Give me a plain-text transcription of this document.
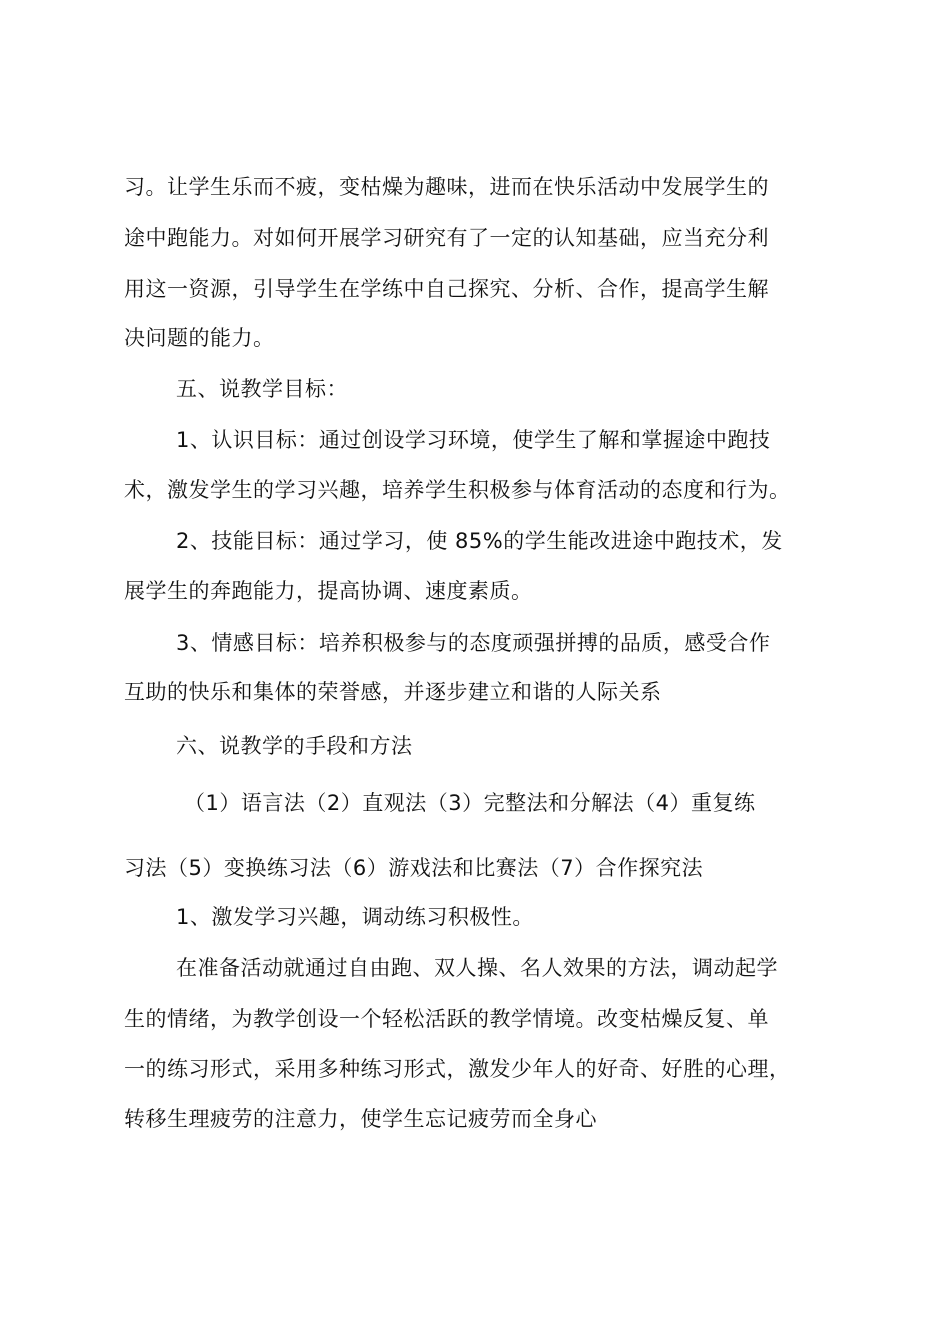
习。让学生乐而不疲，变枯燥为趣味，进而在快乐活动中发展学生的
途中跑能力。对如何开展学习研究有了一定的认知基础，应当充分利
用这一资源，引导学生在学练中自己探究、分析、合作，提高学生解
决问题的能力。
五、说教学目标：
1、认识目标：通过创设学习环境，使学生了解和掌握途中跑技
术，激发学生的学习兴趣，培养学生积极参与体育活动的态度和行为。
2、技能目标：通过学习，使 85%的学生能改进途中跑技术，发
展学生的奔跑能力，提高协调、速度素质。
3、情感目标：培养积极参与的态度顽强拼搏的品质，感受合作
互助的快乐和集体的荣誉感，并逐步建立和谐的人际关系
六、说教学的手段和方法
（1）语言法（2）直观法（3）完整法和分解法（4）重复练
习法（5）变换练习法（6）游戏法和比赛法（7）合作探究法
1、激发学习兴趣，调动练习积极性。
在准备活动就通过自由跑、双人操、名人效果的方法，调动起学
生的情绪，为教学创设一个轻松活跃的教学情境。改变枯燥反复、单
一的练习形式，采用多种练习形式，激发少年人的好奇、好胜的心理，
转移生理疲劳的注意力，使学生忘记疲劳而全身心
